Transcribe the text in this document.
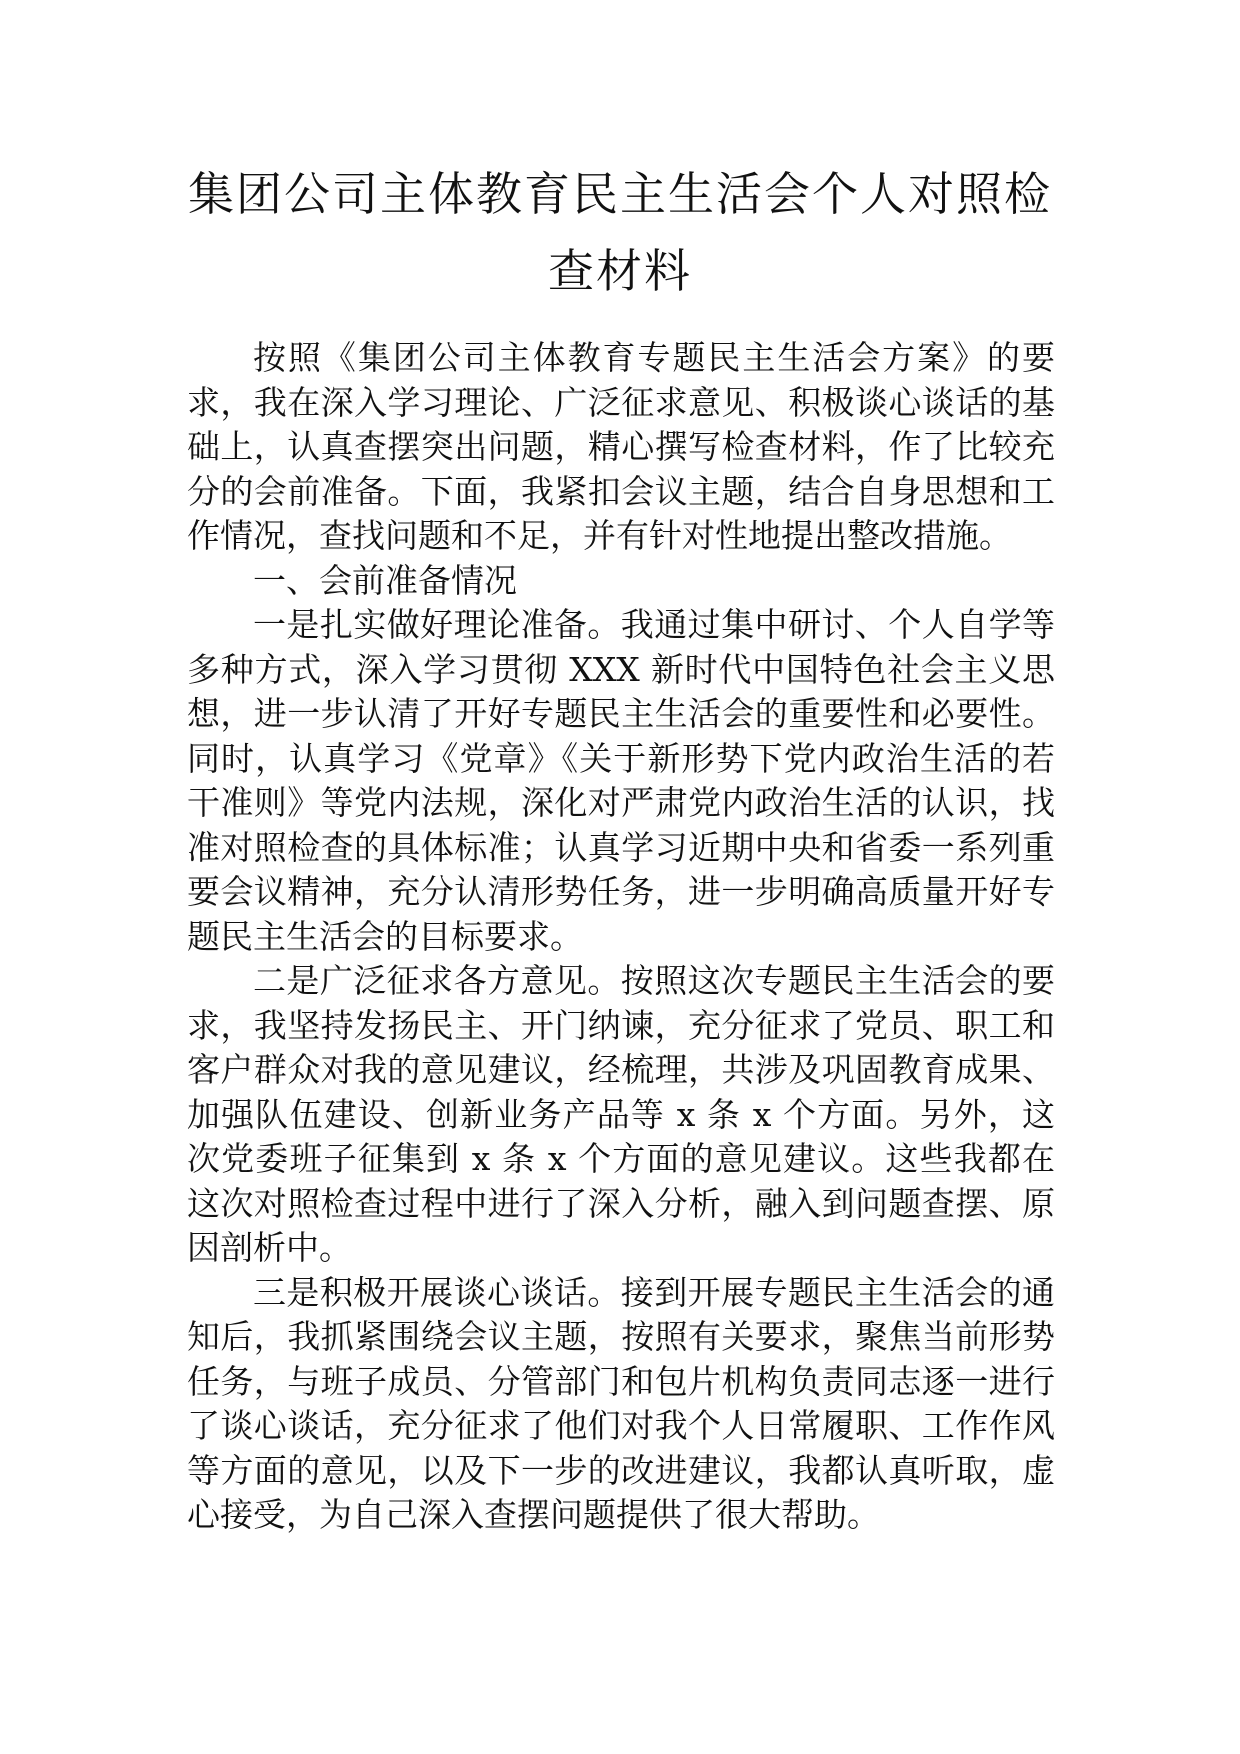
集团公司主体教育民主生活会个人对照检
查材料

按照《集团公司主体教育专题民主生活会方案》的要求，我在深入学习理论、广泛征求意见、积极谈心谈话的基础上，认真查摆突出问题，精心撰写检查材料，作了比较充分的会前准备。下面，我紧扣会议主题，结合自身思想和工作情况，查找问题和不足，并有针对性地提出整改措施。

一、会前准备情况

一是扎实做好理论准备。我通过集中研讨、个人自学等多种方式，深入学习贯彻 XXX 新时代中国特色社会主义思想，进一步认清了开好专题民主生活会的重要性和必要性。同时，认真学习《党章》《关于新形势下党内政治生活的若干准则》等党内法规，深化对严肃党内政治生活的认识，找准对照检查的具体标准；认真学习近期中央和省委一系列重要会议精神，充分认清形势任务，进一步明确高质量开好专题民主生活会的目标要求。

二是广泛征求各方意见。按照这次专题民主生活会的要求，我坚持发扬民主、开门纳谏，充分征求了党员、职工和客户群众对我的意见建议，经梳理，共涉及巩固教育成果、加强队伍建设、创新业务产品等 x 条 x 个方面。另外，这次党委班子征集到 x 条 x 个方面的意见建议。这些我都在这次对照检查过程中进行了深入分析，融入到问题查摆、原因剖析中。

三是积极开展谈心谈话。接到开展专题民主生活会的通知后，我抓紧围绕会议主题，按照有关要求，聚焦当前形势任务，与班子成员、分管部门和包片机构负责同志逐一进行了谈心谈话，充分征求了他们对我个人日常履职、工作作风等方面的意见，以及下一步的改进建议，我都认真听取，虚心接受，为自己深入查摆问题提供了很大帮助。
